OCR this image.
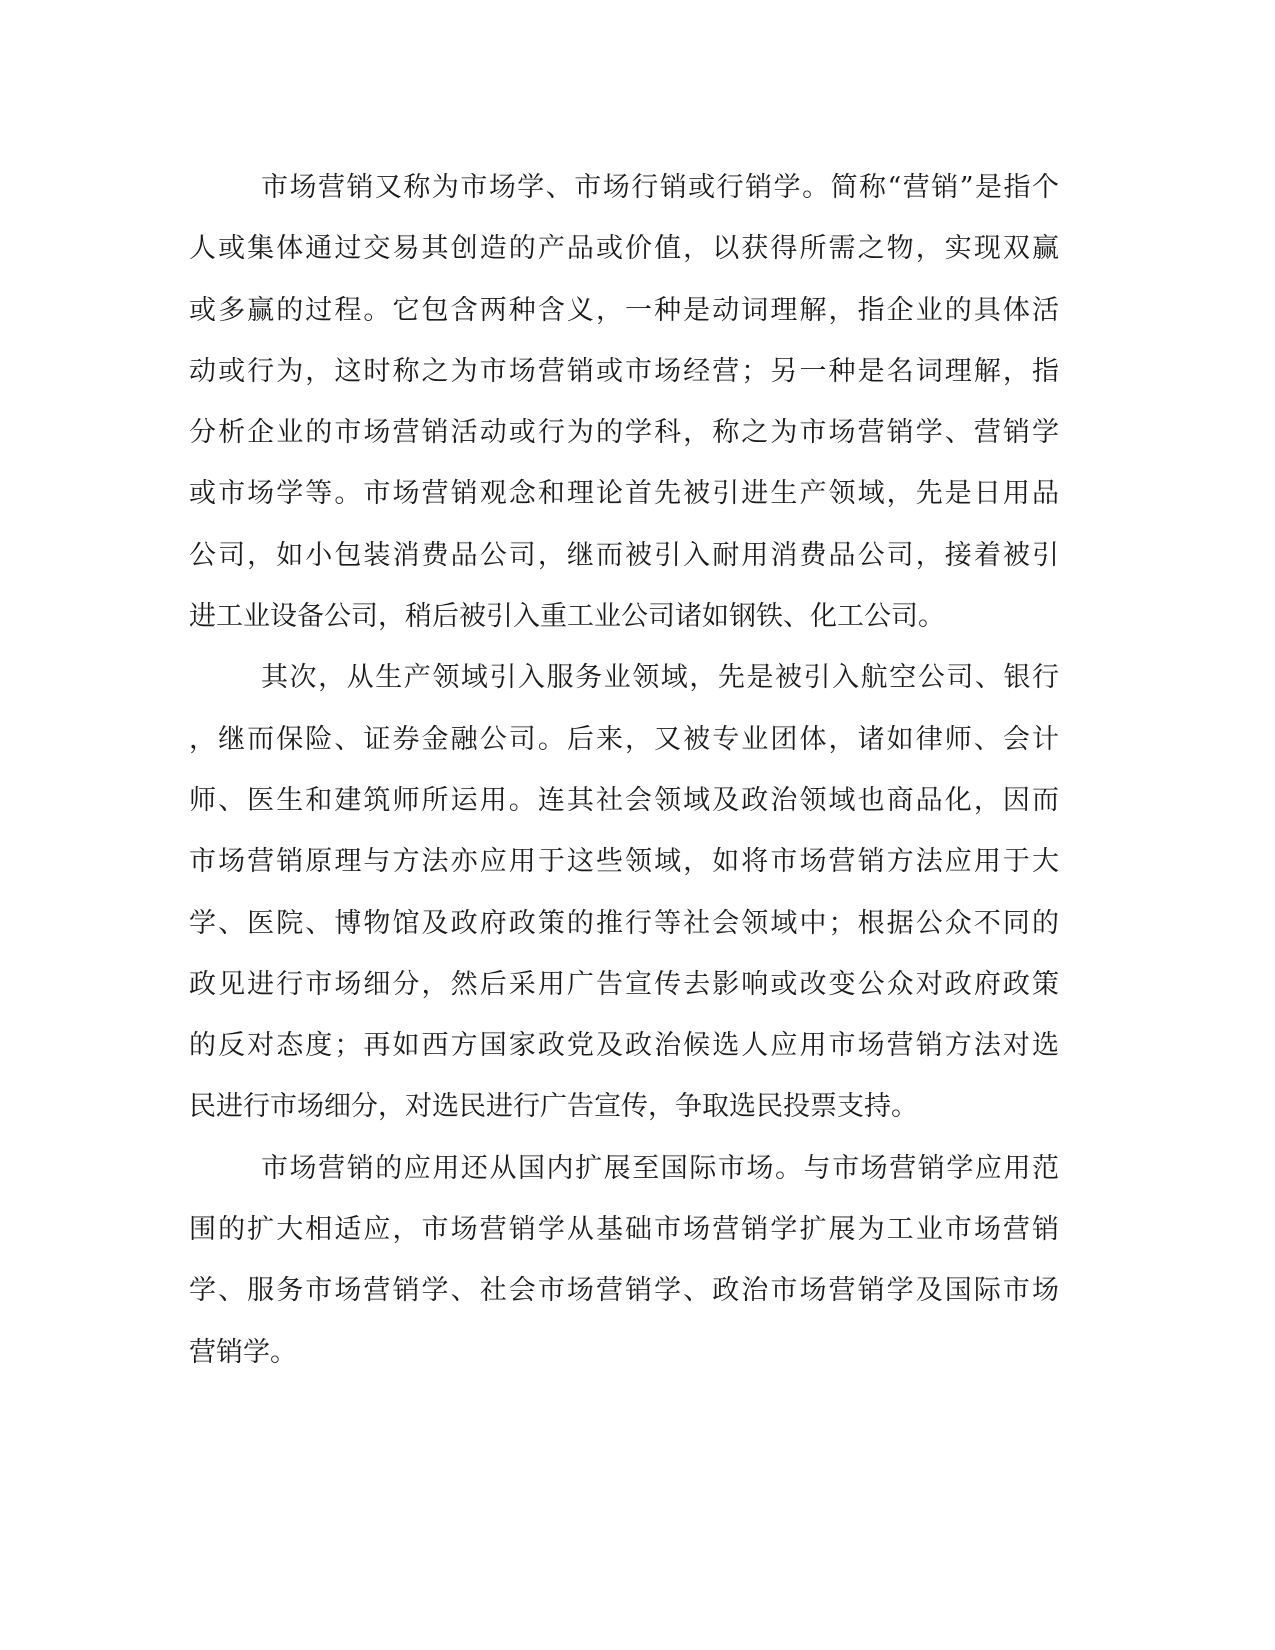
市场营销又称为市场学、市场行销或行销学。简称“营销”是指个
人或集体通过交易其创造的产品或价值，以获得所需之物，实现双赢
或多赢的过程。它包含两种含义，一种是动词理解，指企业的具体活
动或行为，这时称之为市场营销或市场经营；另一种是名词理解，指
分析企业的市场营销活动或行为的学科，称之为市场营销学、营销学
或市场学等。市场营销观念和理论首先被引进生产领域，先是日用品
公司，如小包装消费品公司，继而被引入耐用消费品公司，接着被引
进工业设备公司，稍后被引入重工业公司诸如钢铁、化工公司。
其次，从生产领域引入服务业领域，先是被引入航空公司、银行
，继而保险、证券金融公司。后来，又被专业团体，诸如律师、会计
师、医生和建筑师所运用。连其社会领域及政治领域也商品化，因而
市场营销原理与方法亦应用于这些领域，如将市场营销方法应用于大
学、医院、博物馆及政府政策的推行等社会领域中；根据公众不同的
政见进行市场细分，然后采用广告宣传去影响或改变公众对政府政策
的反对态度；再如西方国家政党及政治候选人应用市场营销方法对选
民进行市场细分，对选民进行广告宣传，争取选民投票支持。
市场营销的应用还从国内扩展至国际市场。与市场营销学应用范
围的扩大相适应，市场营销学从基础市场营销学扩展为工业市场营销
学、服务市场营销学、社会市场营销学、政治市场营销学及国际市场
营销学。
